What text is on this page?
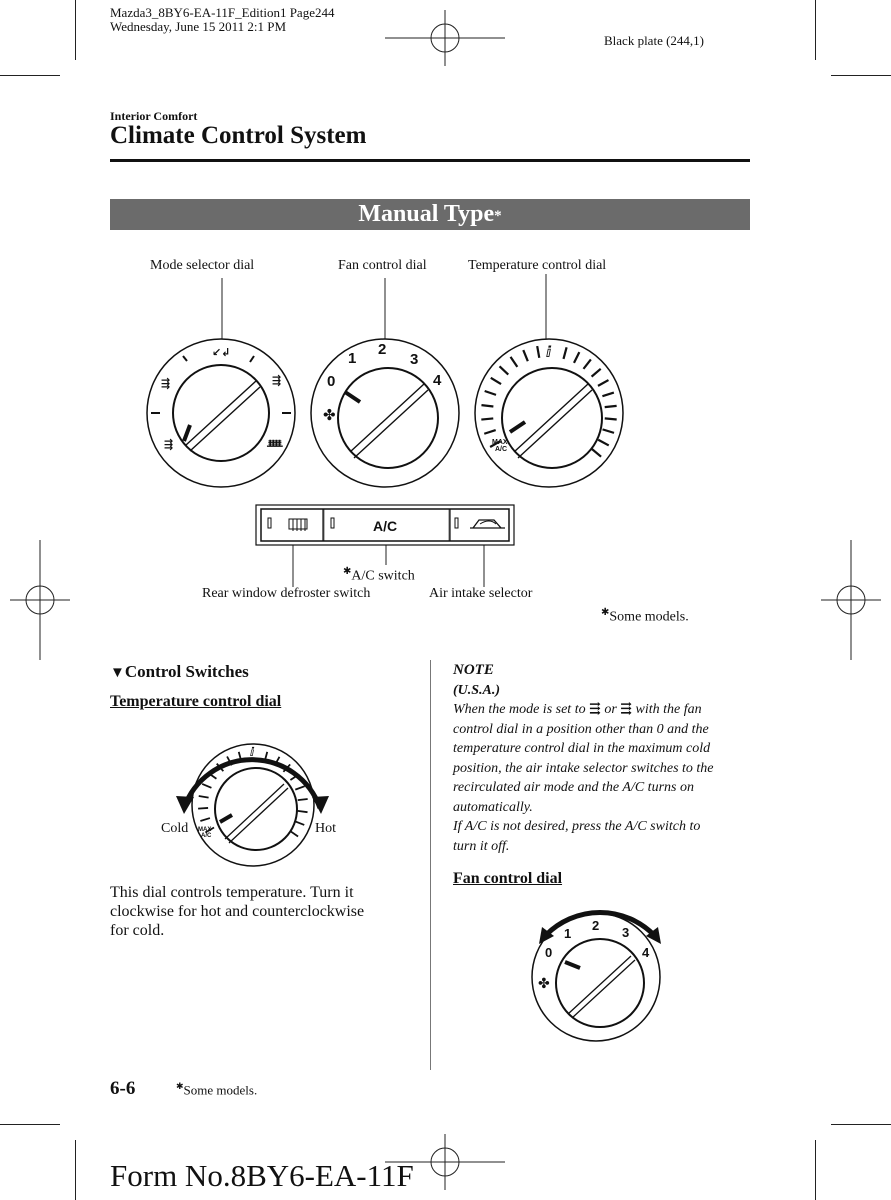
Mazda3_8BY6-EA-11F_Edition1 Page244
Wednesday, June 15 2011 2:1 PM
Black plate (244,1)
Interior Comfort
Climate Control System
Manual Type*
Mode selector dial	Fan control dial	Temperature control dial
↙↲
⇶	⇶
⇶	ᚙ
✤
0
1
2
3
4
ⅈ
MAX
A/C
A/C
✱A/C switch
Rear window defroster switch	Air intake selector
✱Some models.
▼Control Switches
Temperature control dial
ⅈ
MAX
A/C
Cold	Hot
This dial controls temperature. Turn it
clockwise for hot and counterclockwise
for cold.
NOTE
(U.S.A.)
When the mode is set to ⇶ or ⇶ with the fan
control dial in a position other than 0 and the
temperature control dial in the maximum cold
position, the air intake selector switches to the
recirculated air mode and the A/C turns on
automatically.
If A/C is not desired, press the A/C switch to
turn it off.
Fan control dial
✤
0
1
2 3
4
6-6	✱Some models.
Form No.8BY6-EA-11F
